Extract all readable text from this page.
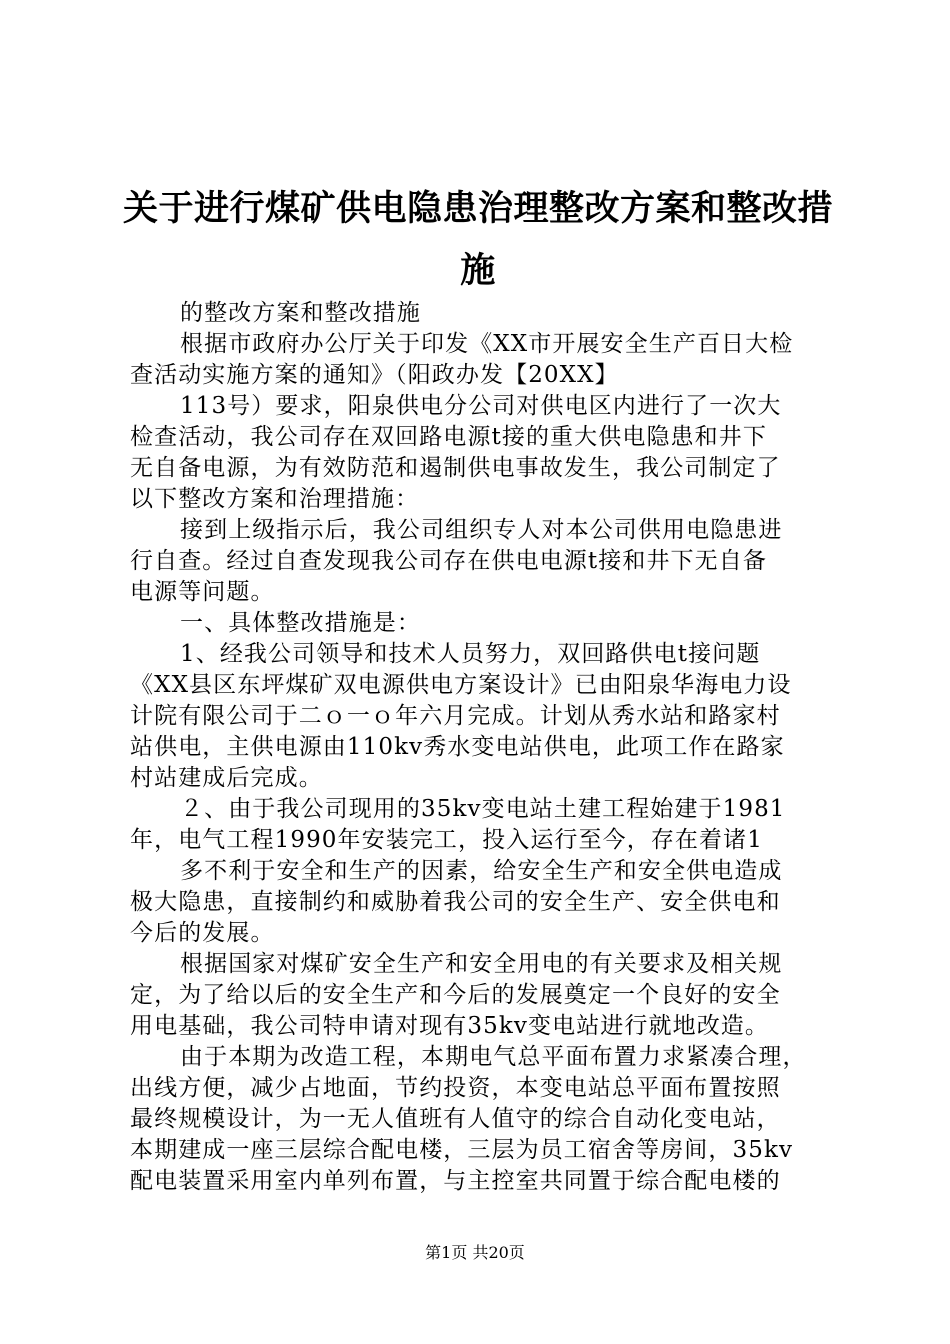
关于进行煤矿供电隐患治理整改方案和整改措
施
的整改方案和整改措施
根据市政府办公厅关于印发《XX市开展安全生产百日大检
查活动实施方案的通知》（阳政办发【20XX】
113号）要求，阳泉供电分公司对供电区内进行了一次大
检查活动，我公司存在双回路电源t接的重大供电隐患和井下
无自备电源，为有效防范和遏制供电事故发生，我公司制定了
以下整改方案和治理措施：
接到上级指示后，我公司组织专人对本公司供用电隐患进
行自查。经过自查发现我公司存在供电电源t接和井下无自备
电源等问题。
一、具体整改措施是：
1、经我公司领导和技术人员努力，双回路供电t接问题
《XX县区东坪煤矿双电源供电方案设计》已由阳泉华海电力设
计院有限公司于二ｏ一ｏ年六月完成。计划从秀水站和路家村
站供电，主供电源由110kv秀水变电站供电，此项工作在路家
村站建成后完成。
２、由于我公司现用的35kv变电站土建工程始建于1981
年，电气工程1990年安装完工，投入运行至今，存在着诸1
多不利于安全和生产的因素，给安全生产和安全供电造成
极大隐患，直接制约和威胁着我公司的安全生产、安全供电和
今后的发展。
根据国家对煤矿安全生产和安全用电的有关要求及相关规
定，为了给以后的安全生产和今后的发展奠定一个良好的安全
用电基础，我公司特申请对现有35kv变电站进行就地改造。
由于本期为改造工程，本期电气总平面布置力求紧凑合理，
出线方便，减少占地面，节约投资，本变电站总平面布置按照
最终规模设计，为一无人值班有人值守的综合自动化变电站，
本期建成一座三层综合配电楼，三层为员工宿舍等房间，35kv
配电装置采用室内单列布置，与主控室共同置于综合配电楼的
第1页 共20页
